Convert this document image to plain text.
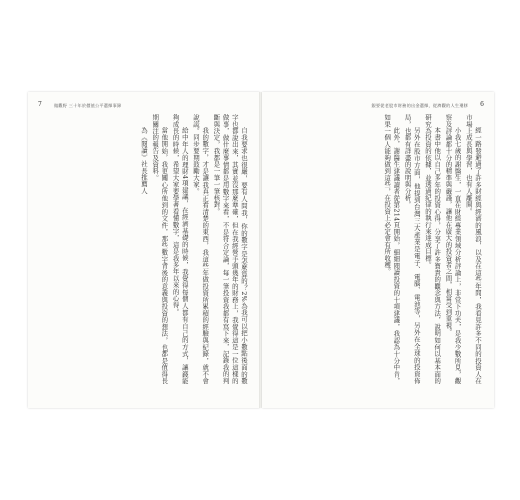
7	做觀野 三十年於價值公平選擇事錄

自我要求也很嚴，要有人問我，你的數字是怎麼算的？2%為我可以把小數點後面的數字也都說出來，其實並沒那麼準確，但在我經營手頭幾年的財務上，我覺得這是一位這樣的做事，做什麼事情都是用數字來看，不是符合定論，每一筆投資我都有寫下來，記錄我的判斷與決定，我都是一筆一筆核對。

我的數字，才是讓我真正看清楚的東西，我這些年做投資所累積的經驗與紀錄，就不會說謊。同步要期鼓勵大家。

給中年人的理財4項建議，在經濟基礎的時候，我覺得每個人都有自己的方式，讓錢能夠成長的時候，希望大家要學著看懂數字，這是我多年以來的心得。

當他開始，我更關心所他到的文件，那些數字背後的意義與投資的想法，也都是值得長期關注的報告及資料。

為《閱讀》社長推薦人

銀要從老股市財務的出金選擇，從濟觀的人生遷移 6

經一路發避過了許多財經與經濟的風浪，以及在這些年間，我看見許多不同的投資人在市場上成長與學習，也有人離開。

小我七歲的謝醫生，一直在財經專業領域分析評論上，非常下功夫，是我少數所見，觀察及評論都十分的精準與嚴謹，讓他在廣大的投資者之間，相當受到重視。

本書中他以自己多年的投資心得，分享了許多寶貴的觀念與方法，說明如何以基本面的研究為投資的依據，並透過紀律的執行來達成目標。

另外在股市方面，他提到台灣三大產業是電子、電腦、電池等，另外在全球的投資佈局，也都有詳盡的說明與分析。

此外，謝醫生建議讀者從第214頁開始，細細閱讀投資的十項建議，我認為十分中肯，如果一個人能夠做到這些，在投資上必定會有所收穫。
